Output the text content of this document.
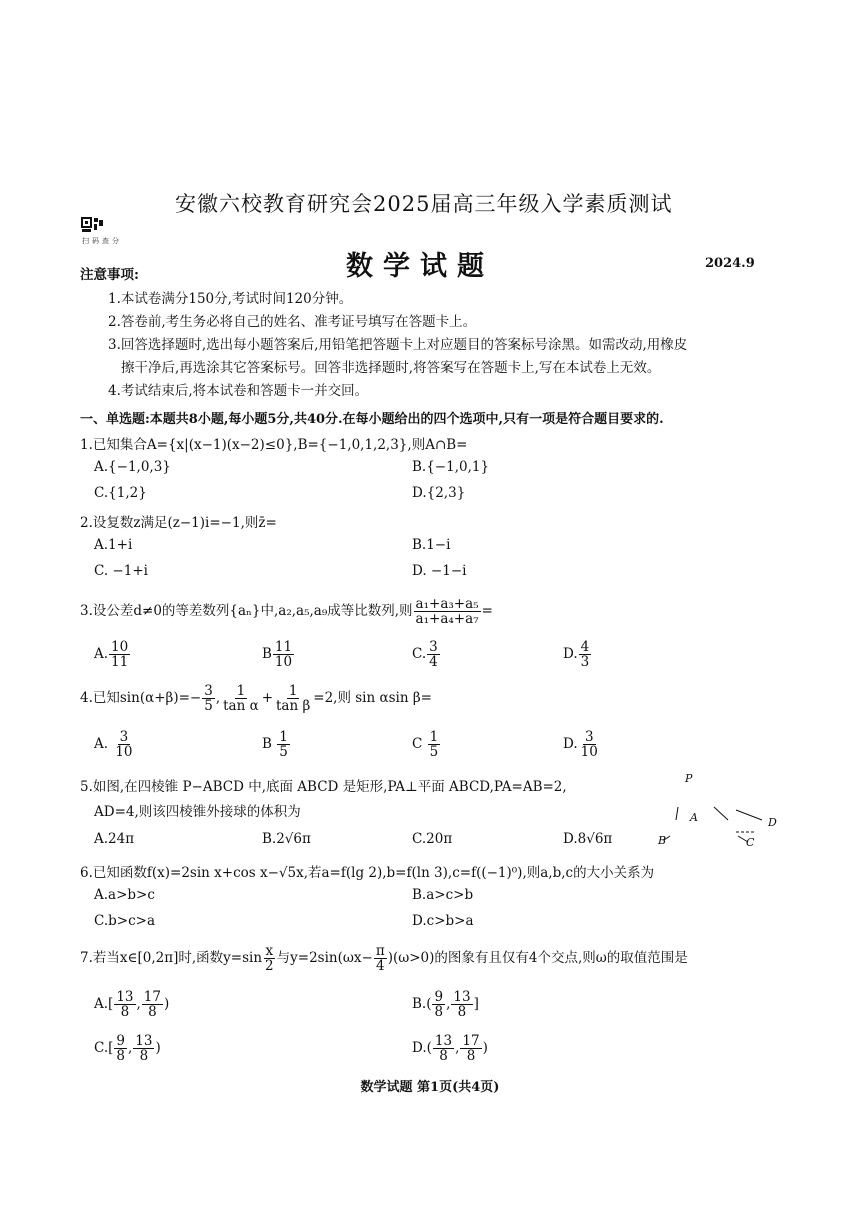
安徽六校教育研究会2025届高三年级入学素质测试
扫码查分
数学试题	2024.9
注意事项:
1.本试卷满分150分,考试时间120分钟。
2.答卷前,考生务必将自己的姓名、准考证号填写在答题卡上。
3.回答选择题时,选出每小题答案后,用铅笔把答题卡上对应题目的答案标号涂黑。如需改动,用橡皮
擦干净后,再选涂其它答案标号。回答非选择题时,将答案写在答题卡上,写在本试卷上无效。
4.考试结束后,将本试卷和答题卡一并交回。
一、单选题:本题共8小题,每小题5分,共40分.在每小题给出的四个选项中,只有一项是符合题目要求的.
1.已知集合A={x|(x−1)(x−2)≤0},B={−1,0,1,2,3},则A∩B=
A.{−1,0,3}	B.{−1,0,1}
C.{1,2}	D.{2,3}
2.设复数z满足(z−1)i=−1,则z̄=
A.1+i	B.1−i
C. −1+i	D. −1−i
3.设公差d≠0的等差数列{aₙ}中,a₂,a₅,a₉成等比数列,则 $\frac{\text{a₁+a₃+a₅}}{\text{a₁+a₄+a₇}}$ =
A. $\frac{10}{11}$	B $\frac{11}{10}$	C. $\frac{3}{4}$	D. $\frac{4}{3}$
4.已知$\sin(\alpha+\beta)=- \frac{3}{5}$ , $\frac{1}{\text{tan α}} + \frac{1}{\text{tan β}} =2$,则 sin αsin β=
A. $\frac{3}{10}$	B $\frac{1}{5}$	C $\frac{1}{5}$	D. $\frac{3}{10}$
5.如图,在四棱锥 P−ABCD 中,底面 ABCD 是矩形,PA⊥平面 ABCD,PA=AB=2,
AD=4,则该四棱锥外接球的体积为
A.24π	B.2√6π	C.20π	D.8√6π
P
A	D
B	C
6.已知函数f(x)=2sin x+cos x−√5x,若a=f(lg 2),b=f(ln 3),c=f((−1)⁰),则a,b,c的大小关系为
A.a>b>c	B.a>c>b
C.b>c>a	D.c>b>a
7.若当x∈[0,2π]时,函数$y=\sin \frac{x}{2}$ 与$y=2\sin(\omega x- \frac{\pi}{4} )(\omega>0)$的图象有且仅有4个交点,则ω的取值范围是
$A.[ \frac{13}{8}$ , $\frac{17}{8}$ )	$B.( \frac{9}{8}$ , $\frac{13}{8}$ ]
$C.[ \frac{9}{8}$ , $\frac{13}{8}$ )	$D.( \frac{13}{8}$ , $\frac{17}{8}$ )
数学试题 第1页(共4页)
